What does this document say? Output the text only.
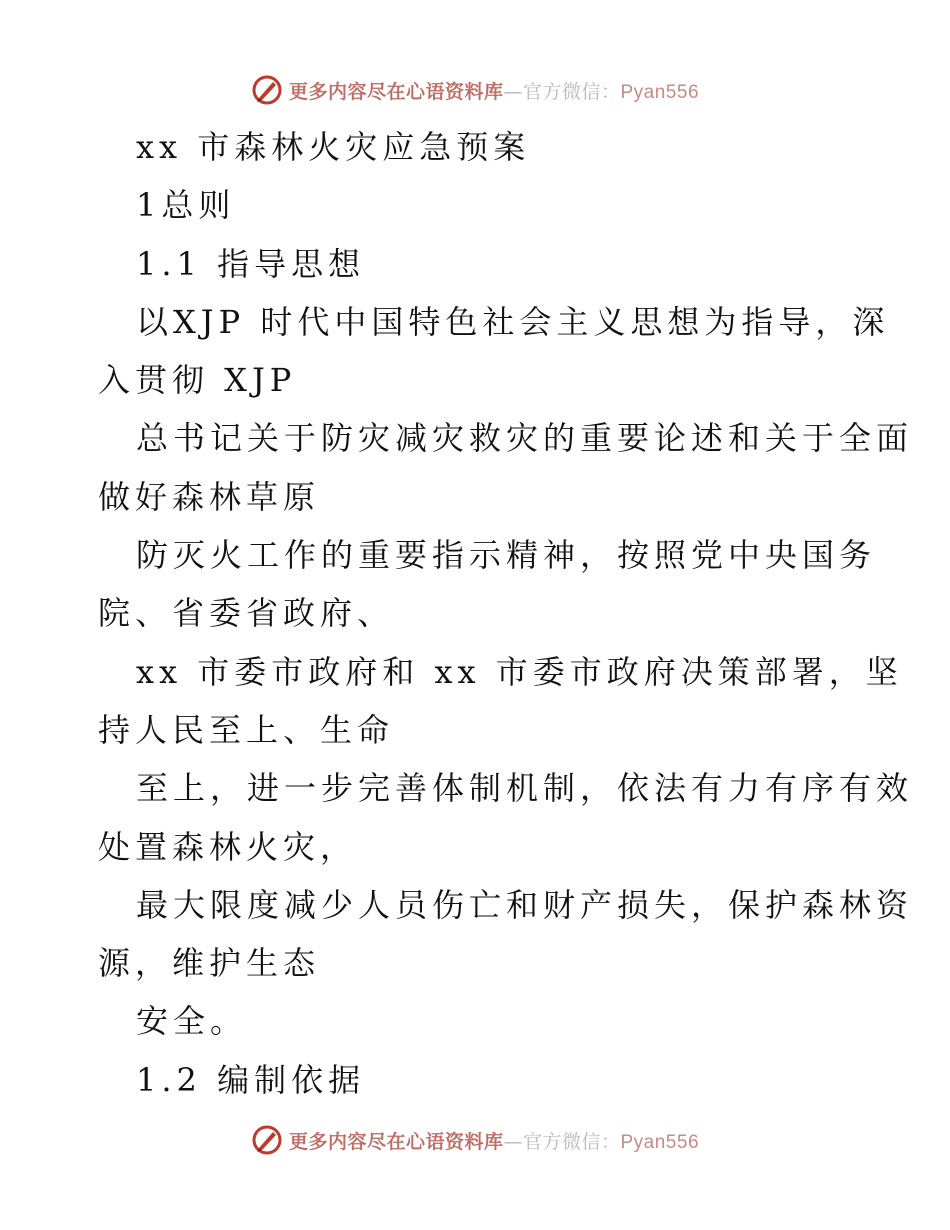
更多内容尽在心语资料库—官方微信：Pyan556
xx 市森林火灾应急预案
1总则
1.1 指导思想
以XJP 时代中国特色社会主义思想为指导，深
入贯彻 XJP
总书记关于防灾减灾救灾的重要论述和关于全面
做好森林草原
防灭火工作的重要指示精神，按照党中央国务
院、省委省政府、
xx 市委市政府和 xx 市委市政府决策部署，坚
持人民至上、生命
至上，进一步完善体制机制，依法有力有序有效
处置森林火灾，
最大限度减少人员伤亡和财产损失，保护森林资
源，维护生态
安全。
1.2 编制依据
更多内容尽在心语资料库—官方微信：Pyan556
